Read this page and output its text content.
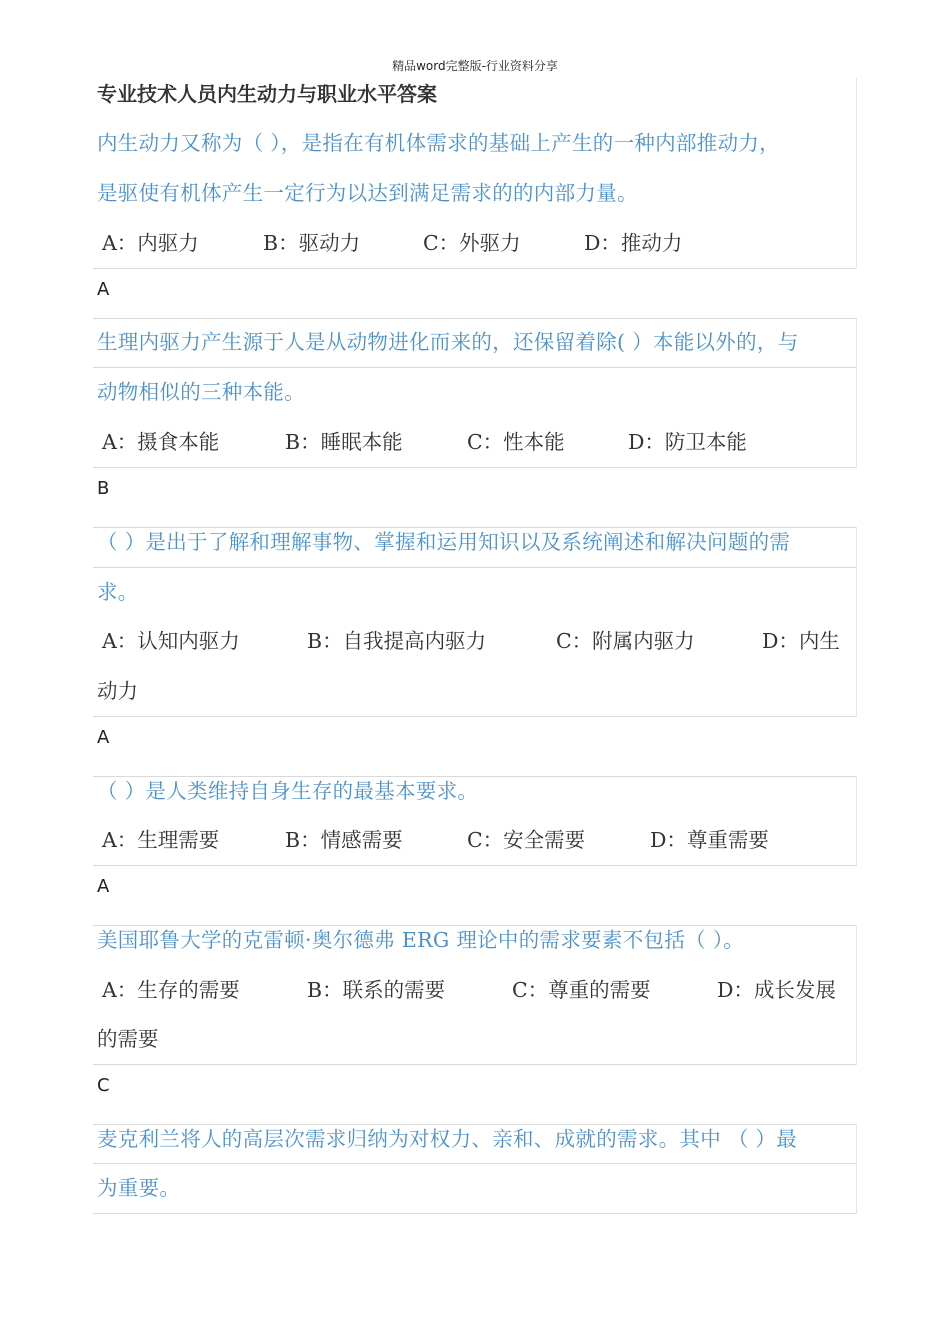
精品word完整版-行业资料分享
专业技术人员内生动力与职业水平答案
内生动力又称为（ ），是指在有机体需求的基础上产生的一种内部推动力，
是驱使有机体产生一定行为以达到满足需求的的内部力量。
A：内驱力	B：驱动力	C：外驱力	D：推动力
A
生理内驱力产生源于人是从动物进化而来的，还保留着除( ）本能以外的，与
动物相似的三种本能。
A：摄食本能	B：睡眠本能	C：性本能	D：防卫本能
B
（ ）是出于了解和理解事物、掌握和运用知识以及系统阐述和解决问题的需
求。
A：认知内驱力	B：自我提高内驱力	C：附属内驱力	D：内生
动力
A
（ ）是人类维持自身生存的最基本要求。
A：生理需要	B：情感需要	C：安全需要	D：尊重需要
A
美国耶鲁大学的克雷顿·奥尔德弗 ERG 理论中的需求要素不包括（ ）。
A：生存的需要	B：联系的需要	C：尊重的需要	D：成长发展
的需要
C
麦克利兰将人的高层次需求归纳为对权力、亲和、成就的需求。其中 （ ）最
为重要。
